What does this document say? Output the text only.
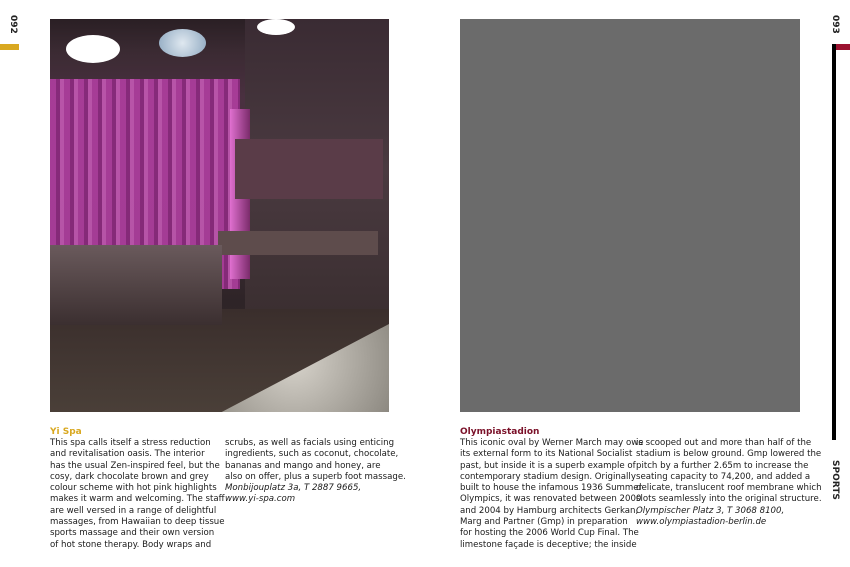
092
Yi Spa

This spa calls itself a stress reduction

and revitalisation oasis. The interior

has the usual Zen-inspired feel, but the

cosy, dark chocolate brown and grey

colour scheme with hot pink highlights

makes it warm and welcoming. The staff

are well versed in a range of delightful

massages, from Hawaiian to deep tissue

sports massage and their own version

of hot stone therapy. Body wraps and

scrubs, as well as facials using enticing

ingredients, such as coconut, chocolate,

bananas and mango and honey, are

also on offer, plus a superb foot massage.

Monbijouplatz 3a, T 2887 9665,

www.yi-spa.com

Olympiastadion

This iconic oval by Werner March may owe

its external form to its National Socialist

past, but inside it is a superb example of

contemporary stadium design. Originally

built to house the infamous 1936 Summer

Olympics, it was renovated between 2000

and 2004 by Hamburg architects Gerkan,

Marg and Partner (Gmp) in preparation

for hosting the 2006 World Cup Final. The

limestone façade is deceptive; the inside

is scooped out and more than half of the

stadium is below ground. Gmp lowered the

pitch by a further 2.65m to increase the

seating capacity to 74,200, and added a

delicate, translucent roof membrane which

slots seamlessly into the original structure.

Olympischer Platz 3, T 3068 8100,

www.olympiastadion-berlin.de

093
SPORTS
